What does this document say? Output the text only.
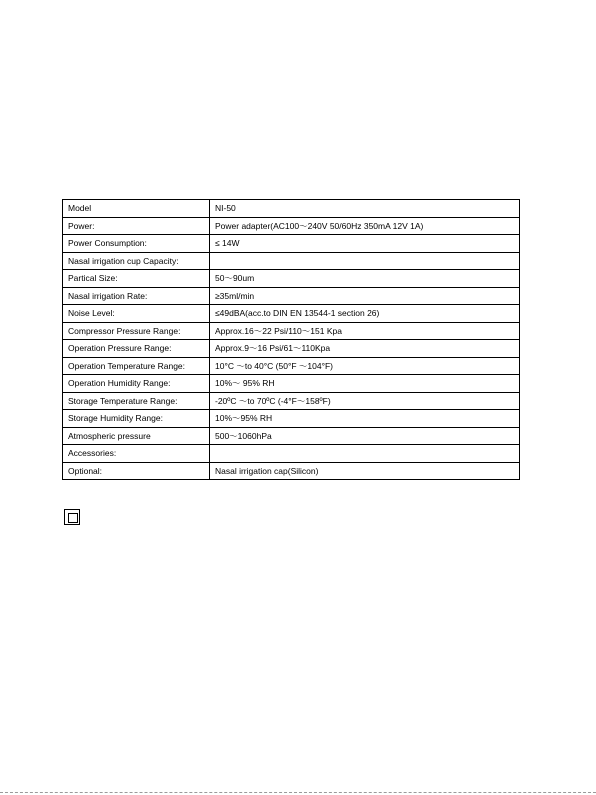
Model	NI-50
Power:	Power adapter(AC100～240V 50/60Hz 350mA 12V 1A)
Power Consumption:	≤ 14W
Nasal irrigation cup Capacity:	
Partical Size:	50～90um
Nasal irrigation Rate:	≥35ml/min
Noise Level:	≤49dBA(acc.to DIN EN 13544-1 section 26)
Compressor Pressure Range:	Approx.16～22 Psi/110～151 Kpa
Operation Pressure Range:	Approx.9～16 Psi/61～110Kpa
Operation Temperature Range:	10°C ～to 40°C (50°F ～104°F)
Operation Humidity Range:	10%～ 95% RH
Storage Temperature Range:	-20ºC ～to 70ºC (-4°F～158ºF)
Storage Humidity Range:	10%～95% RH
Atmospheric pressure	500～1060hPa
Accessories:	
Optional:	Nasal irrigation cap(Silicon)
